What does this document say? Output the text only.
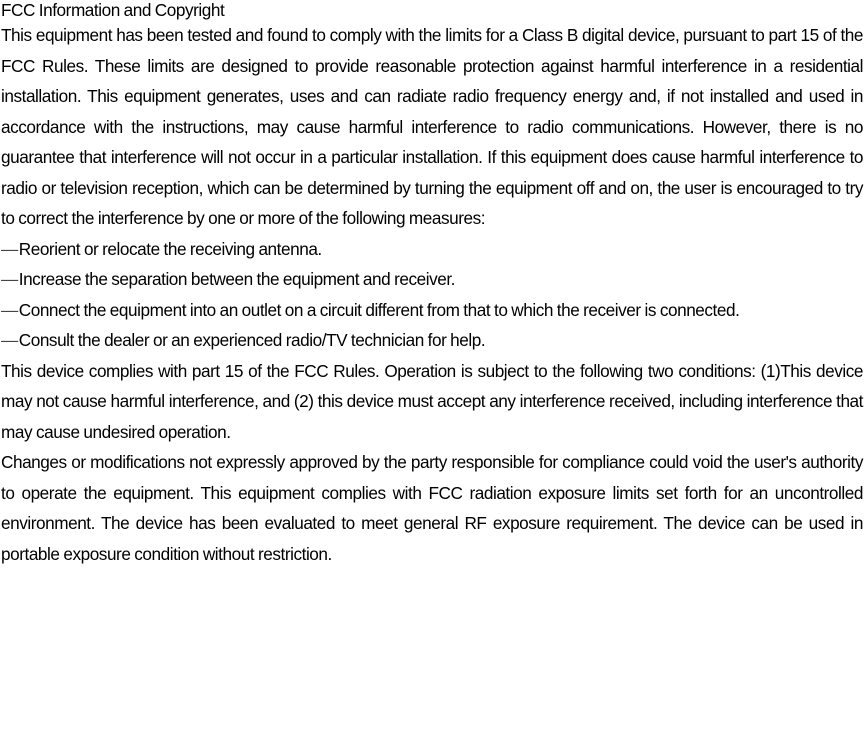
FCC Information and Copyright

This equipment has been tested and found to comply with the limits for a Class B digital device, pursuant to part 15 of the FCC Rules. These limits are designed to provide reasonable protection against harmful interference in a residential installation. This equipment generates, uses and can radiate radio frequency energy and, if not installed and used in accordance with the instructions, may cause harmful interference to radio communications. However, there is no guarantee that interference will not occur in a particular installation. If this equipment does cause harmful interference to radio or television reception, which can be determined by turning the equipment off and on, the user is encouraged to try to correct the interference by one or more of the following measures:

—Reorient or relocate the receiving antenna.

—Increase the separation between the equipment and receiver.

—Connect the equipment into an outlet on a circuit different from that to which the receiver is connected.

—Consult the dealer or an experienced radio/TV technician for help.

This device complies with part 15 of the FCC Rules. Operation is subject to the following two conditions: (1)This device may not cause harmful interference, and (2) this device must accept any interference received, including interference that may cause undesired operation.

Changes or modifications not expressly approved by the party responsible for compliance could void the user's authority to operate the equipment. This equipment complies with FCC radiation exposure limits set forth for an uncontrolled environment. The device has been evaluated to meet general RF exposure requirement. The device can be used in portable exposure condition without restriction.
